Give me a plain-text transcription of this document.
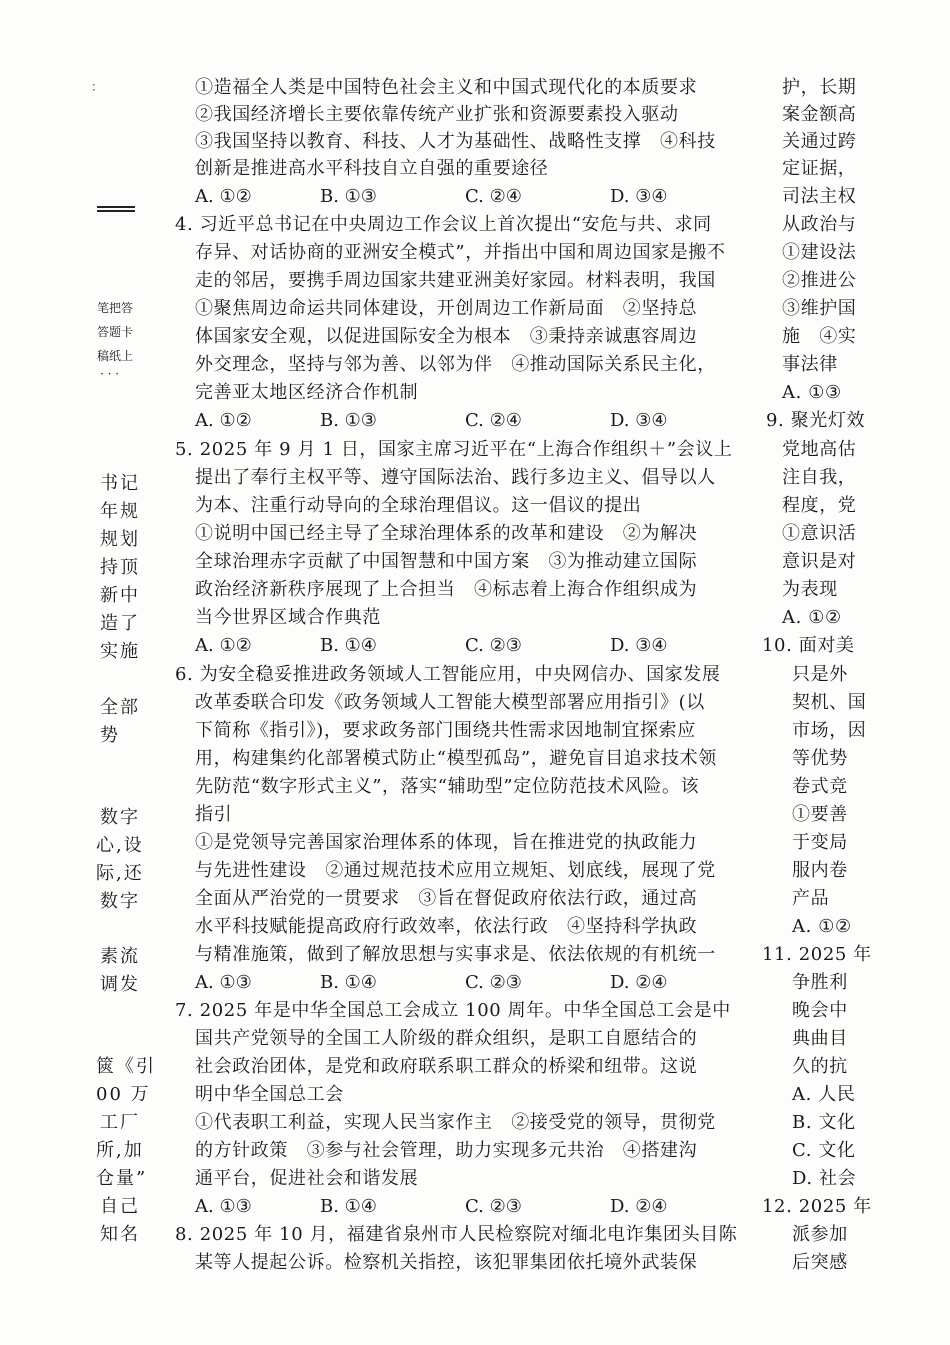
∶
笔把答
答题卡
稿纸上
· · ·
书记
年规
规划
持顶
新中
造了
实施
全部
势
数字
心,设
际,还
数字
素流
调发
篋《引
00 万
工厂
所,加
仓量”
自己
知名
①造福全人类是中国特色社会主义和中国式现代化的本质要求
②我国经济增长主要依靠传统产业扩张和资源要素投入驱动
③我国坚持以教育、科技、人才为基础性、战略性支撑　④科技
创新是推进高水平科技自立自强的重要途径
A. ①②	B. ①③	C. ②④	D. ③④
4. 习近平总书记在中央周边工作会议上首次提出“安危与共、求同
存异、对话协商的亚洲安全模式”，并指出中国和周边国家是搬不
走的邻居，要携手周边国家共建亚洲美好家园。材料表明，我国
①聚焦周边命运共同体建设，开创周边工作新局面　②坚持总
体国家安全观，以促进国际安全为根本　③秉持亲诚惠容周边
外交理念，坚持与邻为善、以邻为伴　④推动国际关系民主化，
完善亚太地区经济合作机制
A. ①②	B. ①③	C. ②④	D. ③④
5. 2025 年 9 月 1 日，国家主席习近平在“上海合作组织＋”会议上
提出了奉行主权平等、遵守国际法治、践行多边主义、倡导以人
为本、注重行动导向的全球治理倡议。这一倡议的提出
①说明中国已经主导了全球治理体系的改革和建设　②为解决
全球治理赤字贡献了中国智慧和中国方案　③为推动建立国际
政治经济新秩序展现了上合担当　④标志着上海合作组织成为
当今世界区域合作典范
A. ①②	B. ①④	C. ②③	D. ③④
6. 为安全稳妥推进政务领域人工智能应用，中央网信办、国家发展
改革委联合印发《政务领域人工智能大模型部署应用指引》(以
下简称《指引》)，要求政务部门围绕共性需求因地制宜探索应
用，构建集约化部署模式防止“模型孤岛”，避免盲目追求技术领
先防范“数字形式主义”，落实“辅助型”定位防范技术风险。该
指引
①是党领导完善国家治理体系的体现，旨在推进党的执政能力
与先进性建设　②通过规范技术应用立规矩、划底线，展现了党
全面从严治党的一贯要求　③旨在督促政府依法行政，通过高
水平科技赋能提高政府行政效率，依法行政　④坚持科学执政
与精准施策，做到了解放思想与实事求是、依法依规的有机统一
A. ①③	B. ①④	C. ②③	D. ②④
7. 2025 年是中华全国总工会成立 100 周年。中华全国总工会是中
国共产党领导的全国工人阶级的群众组织，是职工自愿结合的
社会政治团体，是党和政府联系职工群众的桥梁和纽带。这说
明中华全国总工会
①代表职工利益，实现人民当家作主　②接受党的领导，贯彻党
的方针政策　③参与社会管理，助力实现多元共治　④搭建沟
通平台，促进社会和谐发展
A. ①③	B. ①④	C. ②③	D. ②④
8. 2025 年 10 月，福建省泉州市人民检察院对缅北电诈集团头目陈
某等人提起公诉。检察机关指控，该犯罪集团依托境外武装保
护，长期
案金额高
关通过跨
定证据，
司法主权
从政治与
①建设法
②推进公
③维护国
施　④实
事法律
A. ①③
9. 聚光灯效
党地高估
注自我，
程度，党
①意识活
意识是对
为表现
A. ①②
10. 面对美
只是外
契机、国
市场，因
等优势
卷式竞
①要善
于变局
服内卷
产品
A. ①②
11. 2025 年
争胜利
晚会中
典曲目
久的抗
A. 人民
B. 文化
C. 文化
D. 社会
12. 2025 年
派参加
后突感
